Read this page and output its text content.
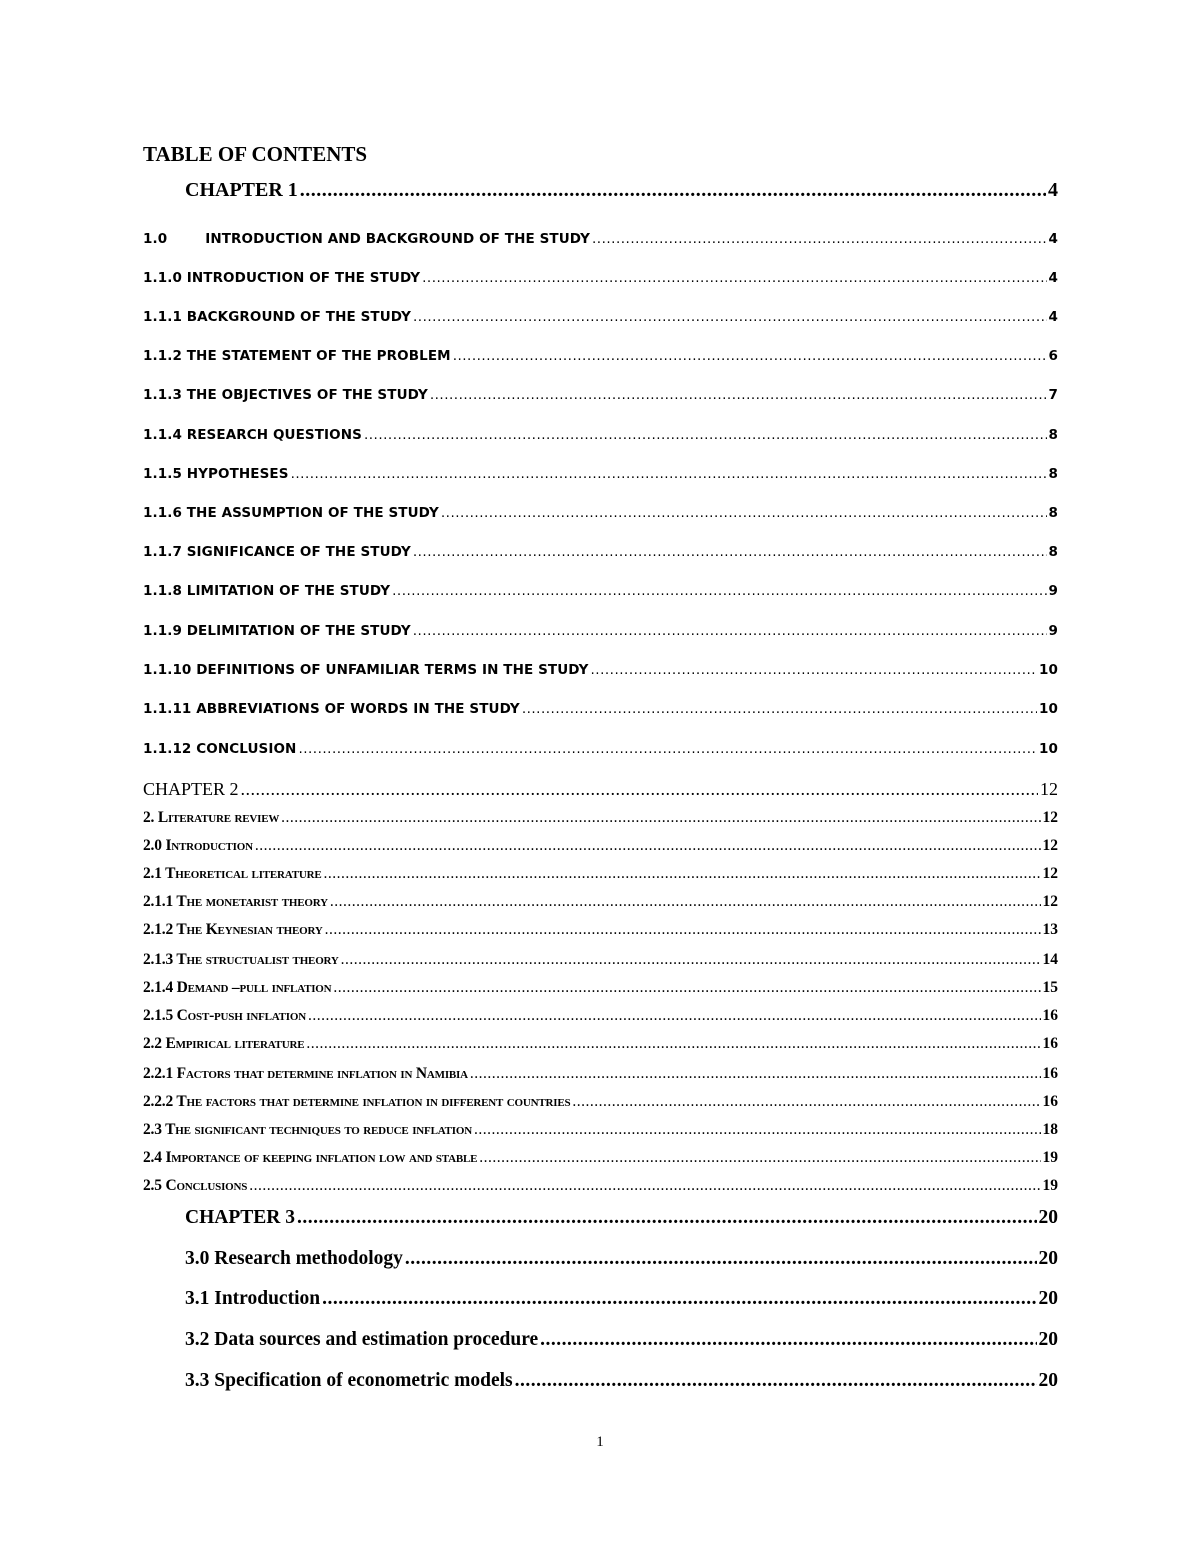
TABLE OF CONTENTS
CHAPTER 1 .....	4
1.0	INTRODUCTION AND BACKGROUND OF THE STUDY .....	4
1.1.0 INTRODUCTION OF THE STUDY .....	4
1.1.1 BACKGROUND OF THE STUDY .....	4
1.1.2 THE STATEMENT OF THE PROBLEM .....	6
1.1.3 THE OBJECTIVES OF THE STUDY .....	7
1.1.4 RESEARCH QUESTIONS .....	8
1.1.5 HYPOTHESES .....	8
1.1.6 THE ASSUMPTION OF THE STUDY .....	8
1.1.7 SIGNIFICANCE OF THE STUDY .....	8
1.1.8 LIMITATION OF THE STUDY .....	9
1.1.9 DELIMITATION OF THE STUDY .....	9
1.1.10 DEFINITIONS OF UNFAMILIAR TERMS IN THE STUDY .....	10
1.1.11 ABBREVIATIONS OF WORDS IN THE STUDY .....	10
1.1.12 CONCLUSION .....	10
CHAPTER 2 .....	12
2. Literature review .....	12
2.0 Introduction .....	12
2.1 Theoretical literature .....	12
2.1.1 The monetarist theory .....	12
2.1.2 The Keynesian theory .....	13
2.1.3 The structualist theory .....	14
2.1.4 Demand –pull inflation .....	15
2.1.5 Cost-push inflation .....	16
2.2 Empirical literature .....	16
2.2.1 Factors that determine inflation in Namibia .....	16
2.2.2 The factors that determine inflation in different countries .....	16
2.3 The significant techniques to reduce inflation .....	18
2.4 Importance of keeping inflation low and stable .....	19
2.5 Conclusions .....	19
CHAPTER 3 .....	20
3.0 Research methodology .....	20
3.1 Introduction .....	20
3.2 Data sources and estimation procedure .....	20
3.3 Specification of econometric models .....	20
1
